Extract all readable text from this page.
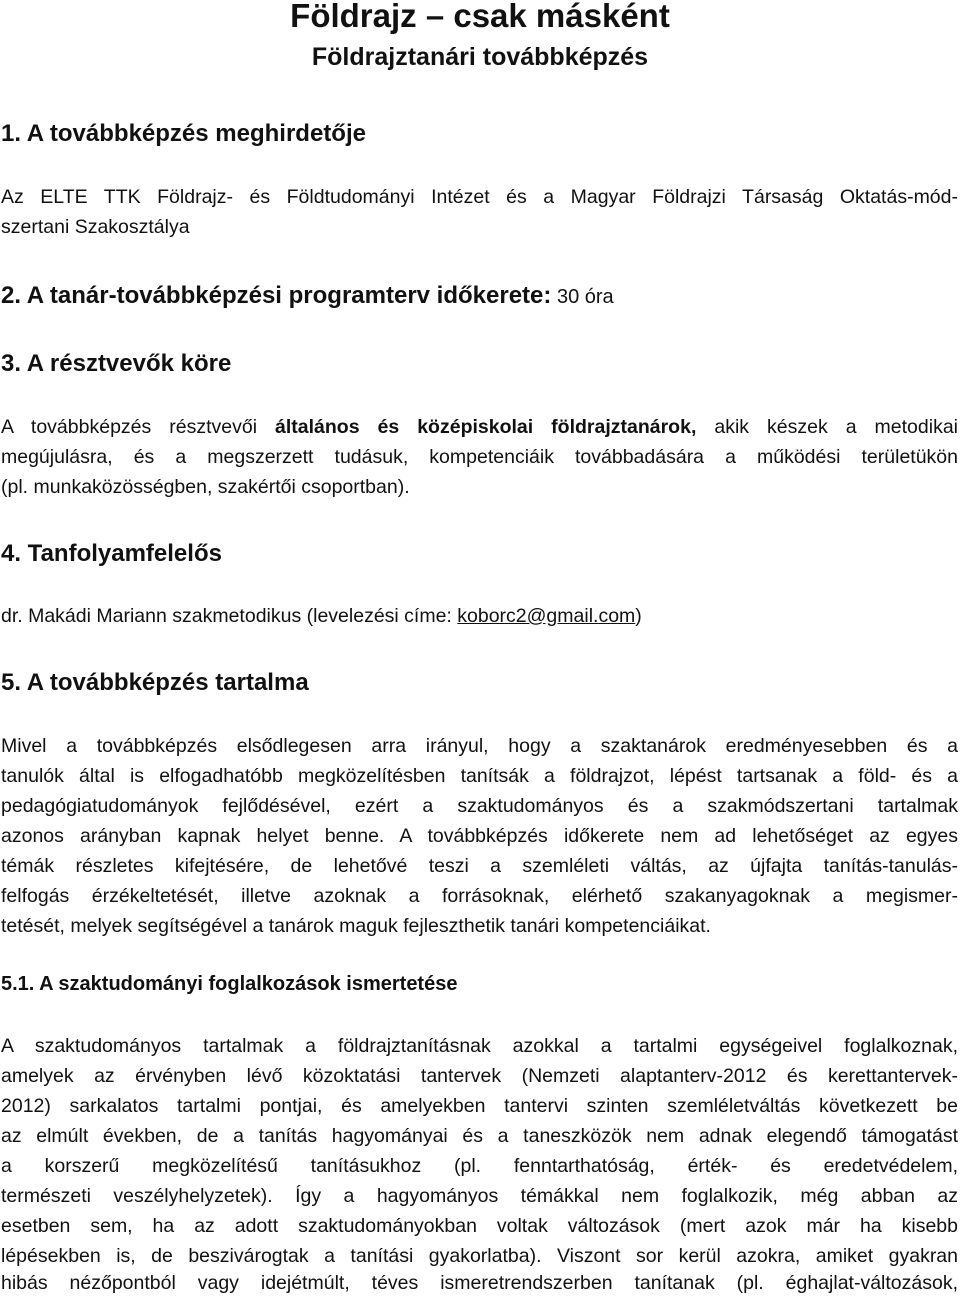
Földrajz – csak másként
Földrajztanári továbbképzés
1. A továbbképzés meghirdetője
Az ELTE TTK Földrajz- és Földtudományi Intézet és a Magyar Földrajzi Társaság Oktatás-mód-
szertani Szakosztálya
2. A tanár-továbbképzési programterv időkerete: 30 óra
3. A résztvevők köre
A továbbképzés résztvevői általános és középiskolai földrajztanárok, akik készek a metodikai
megújulásra, és a megszerzett tudásuk, kompetenciáik továbbadására a működési területükön
(pl. munkaközösségben, szakértői csoportban).
4. Tanfolyamfelelős
dr. Makádi Mariann szakmetodikus (levelezési címe: koborc2@gmail.com)
5. A továbbképzés tartalma
Mivel a továbbképzés elsődlegesen arra irányul, hogy a szaktanárok eredményesebben és a
tanulók által is elfogadhatóbb megközelítésben tanítsák a földrajzot, lépést tartsanak a föld- és a
pedagógiatudományok fejlődésével, ezért a szaktudományos és a szakmódszertani tartalmak
azonos arányban kapnak helyet benne. A továbbképzés időkerete nem ad lehetőséget az egyes
témák részletes kifejtésére, de lehetővé teszi a szemléleti váltás, az újfajta tanítás-tanulás-
felfogás érzékeltetését, illetve azoknak a forrásoknak, elérhető szakanyagoknak a megismer-
tetését, melyek segítségével a tanárok maguk fejleszthetik tanári kompetenciáikat.
5.1. A szaktudományi foglalkozások ismertetése
A szaktudományos tartalmak a földrajztanításnak azokkal a tartalmi egységeivel foglalkoznak,
amelyek az érvényben lévő közoktatási tantervek (Nemzeti alaptanterv-2012 és kerettantervek-
2012) sarkalatos tartalmi pontjai, és amelyekben tantervi szinten szemléletváltás következett be
az elmúlt években, de a tanítás hagyományai és a taneszközök nem adnak elegendő támogatást
a korszerű megközelítésű tanításukhoz (pl. fenntarthatóság, érték- és eredetvédelem,
természeti veszélyhelyzetek). Így a hagyományos témákkal nem foglalkozik, még abban az
esetben sem, ha az adott szaktudományokban voltak változások (mert azok már ha kisebb
lépésekben is, de beszivárogtak a tanítási gyakorlatba). Viszont sor kerül azokra, amiket gyakran
hibás nézőpontból vagy idejétmúlt, téves ismeretrendszerben tanítanak (pl. éghajlat-változások,
